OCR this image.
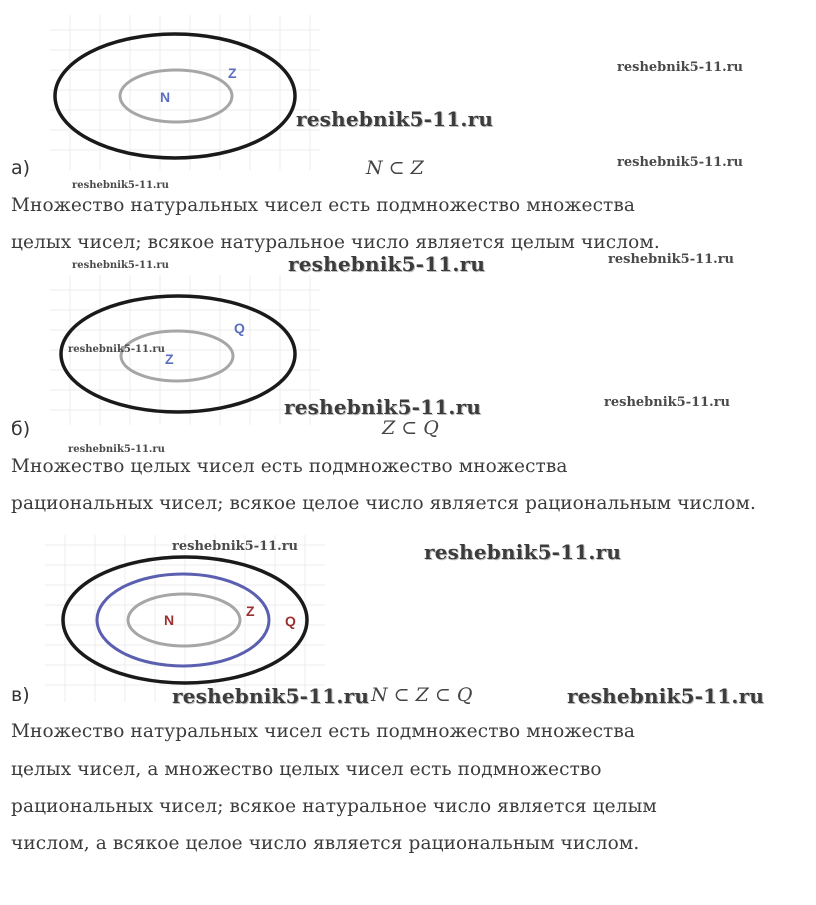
N
Z	reshebnik5-11.ru
reshebnik5-11.ru
а)	N ⊂ Z	reshebnik5-11.ru
reshebnik5-11.ru
Множество натуральных чисел есть подмножество множества
целых чисел; всякое натуральное число является целым числом.
reshebnik5-11.ru	reshebnik5-11.ru	reshebnik5-11.ru
Z
Q
reshebnik5-11.ru
reshebnik5-11.ru	reshebnik5-11.ru
б)	Z ⊂ Q
reshebnik5-11.ru
Множество целых чисел есть подмножество множества
рациональных чисел; всякое целое число является рациональным числом.
N
Z
Q
reshebnik5-11.ru	reshebnik5-11.ru
в)	reshebnik5-11.ru N ⊂ Z ⊂ Q	reshebnik5-11.ru
Множество натуральных чисел есть подмножество множества
целых чисел, а множество целых чисел есть подмножество
рациональных чисел; всякое натуральное число является целым
числом, а всякое целое число является рациональным числом.
